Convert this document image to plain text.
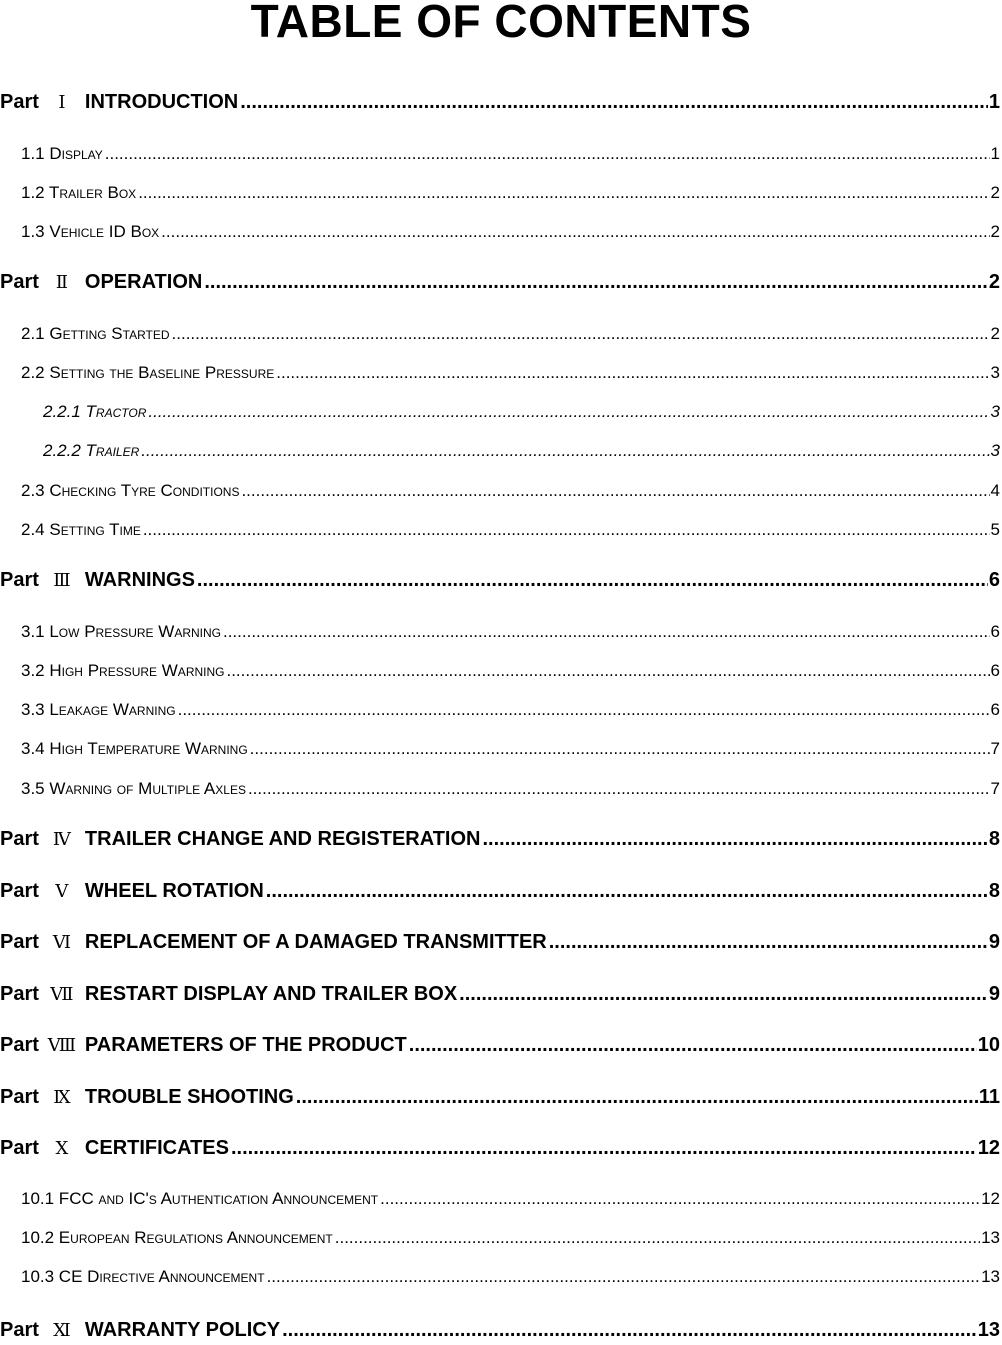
TABLE OF CONTENTS
Part Ⅰ INTRODUCTION .....	1
1.1 Display .....	1
1.2 Trailer Box .....	2
1.3 Vehicle ID Box .....	2
Part Ⅱ OPERATION .....	2
2.1 Getting Started .....	2
2.2 Setting the Baseline Pressure .....	3
2.2.1 Tractor .....	3
2.2.2 Trailer .....	3
2.3 Checking Tyre Conditions .....	4
2.4 Setting Time .....	5
Part Ⅲ WARNINGS .....	6
3.1 Low Pressure Warning .....	6
3.2 High Pressure Warning .....	6
3.3 Leakage Warning .....	6
3.4 High Temperature Warning .....	7
3.5 Warning of Multiple Axles .....	7
Part Ⅳ TRAILER CHANGE AND REGISTERATION .....	8
Part Ⅴ WHEEL ROTATION .....	8
Part Ⅵ REPLACEMENT OF A DAMAGED TRANSMITTER .....	9
Part Ⅶ RESTART DISPLAY AND TRAILER BOX .....	9
Part Ⅷ PARAMETERS OF THE PRODUCT .....	10
Part Ⅸ TROUBLE SHOOTING .....	11
Part Ⅹ CERTIFICATES .....	12
10.1 FCC and IC's Authentication Announcement .....	12
10.2 European Regulations Announcement .....	13
10.3 CE Directive Announcement .....	13
Part Ⅺ WARRANTY POLICY .....	13
